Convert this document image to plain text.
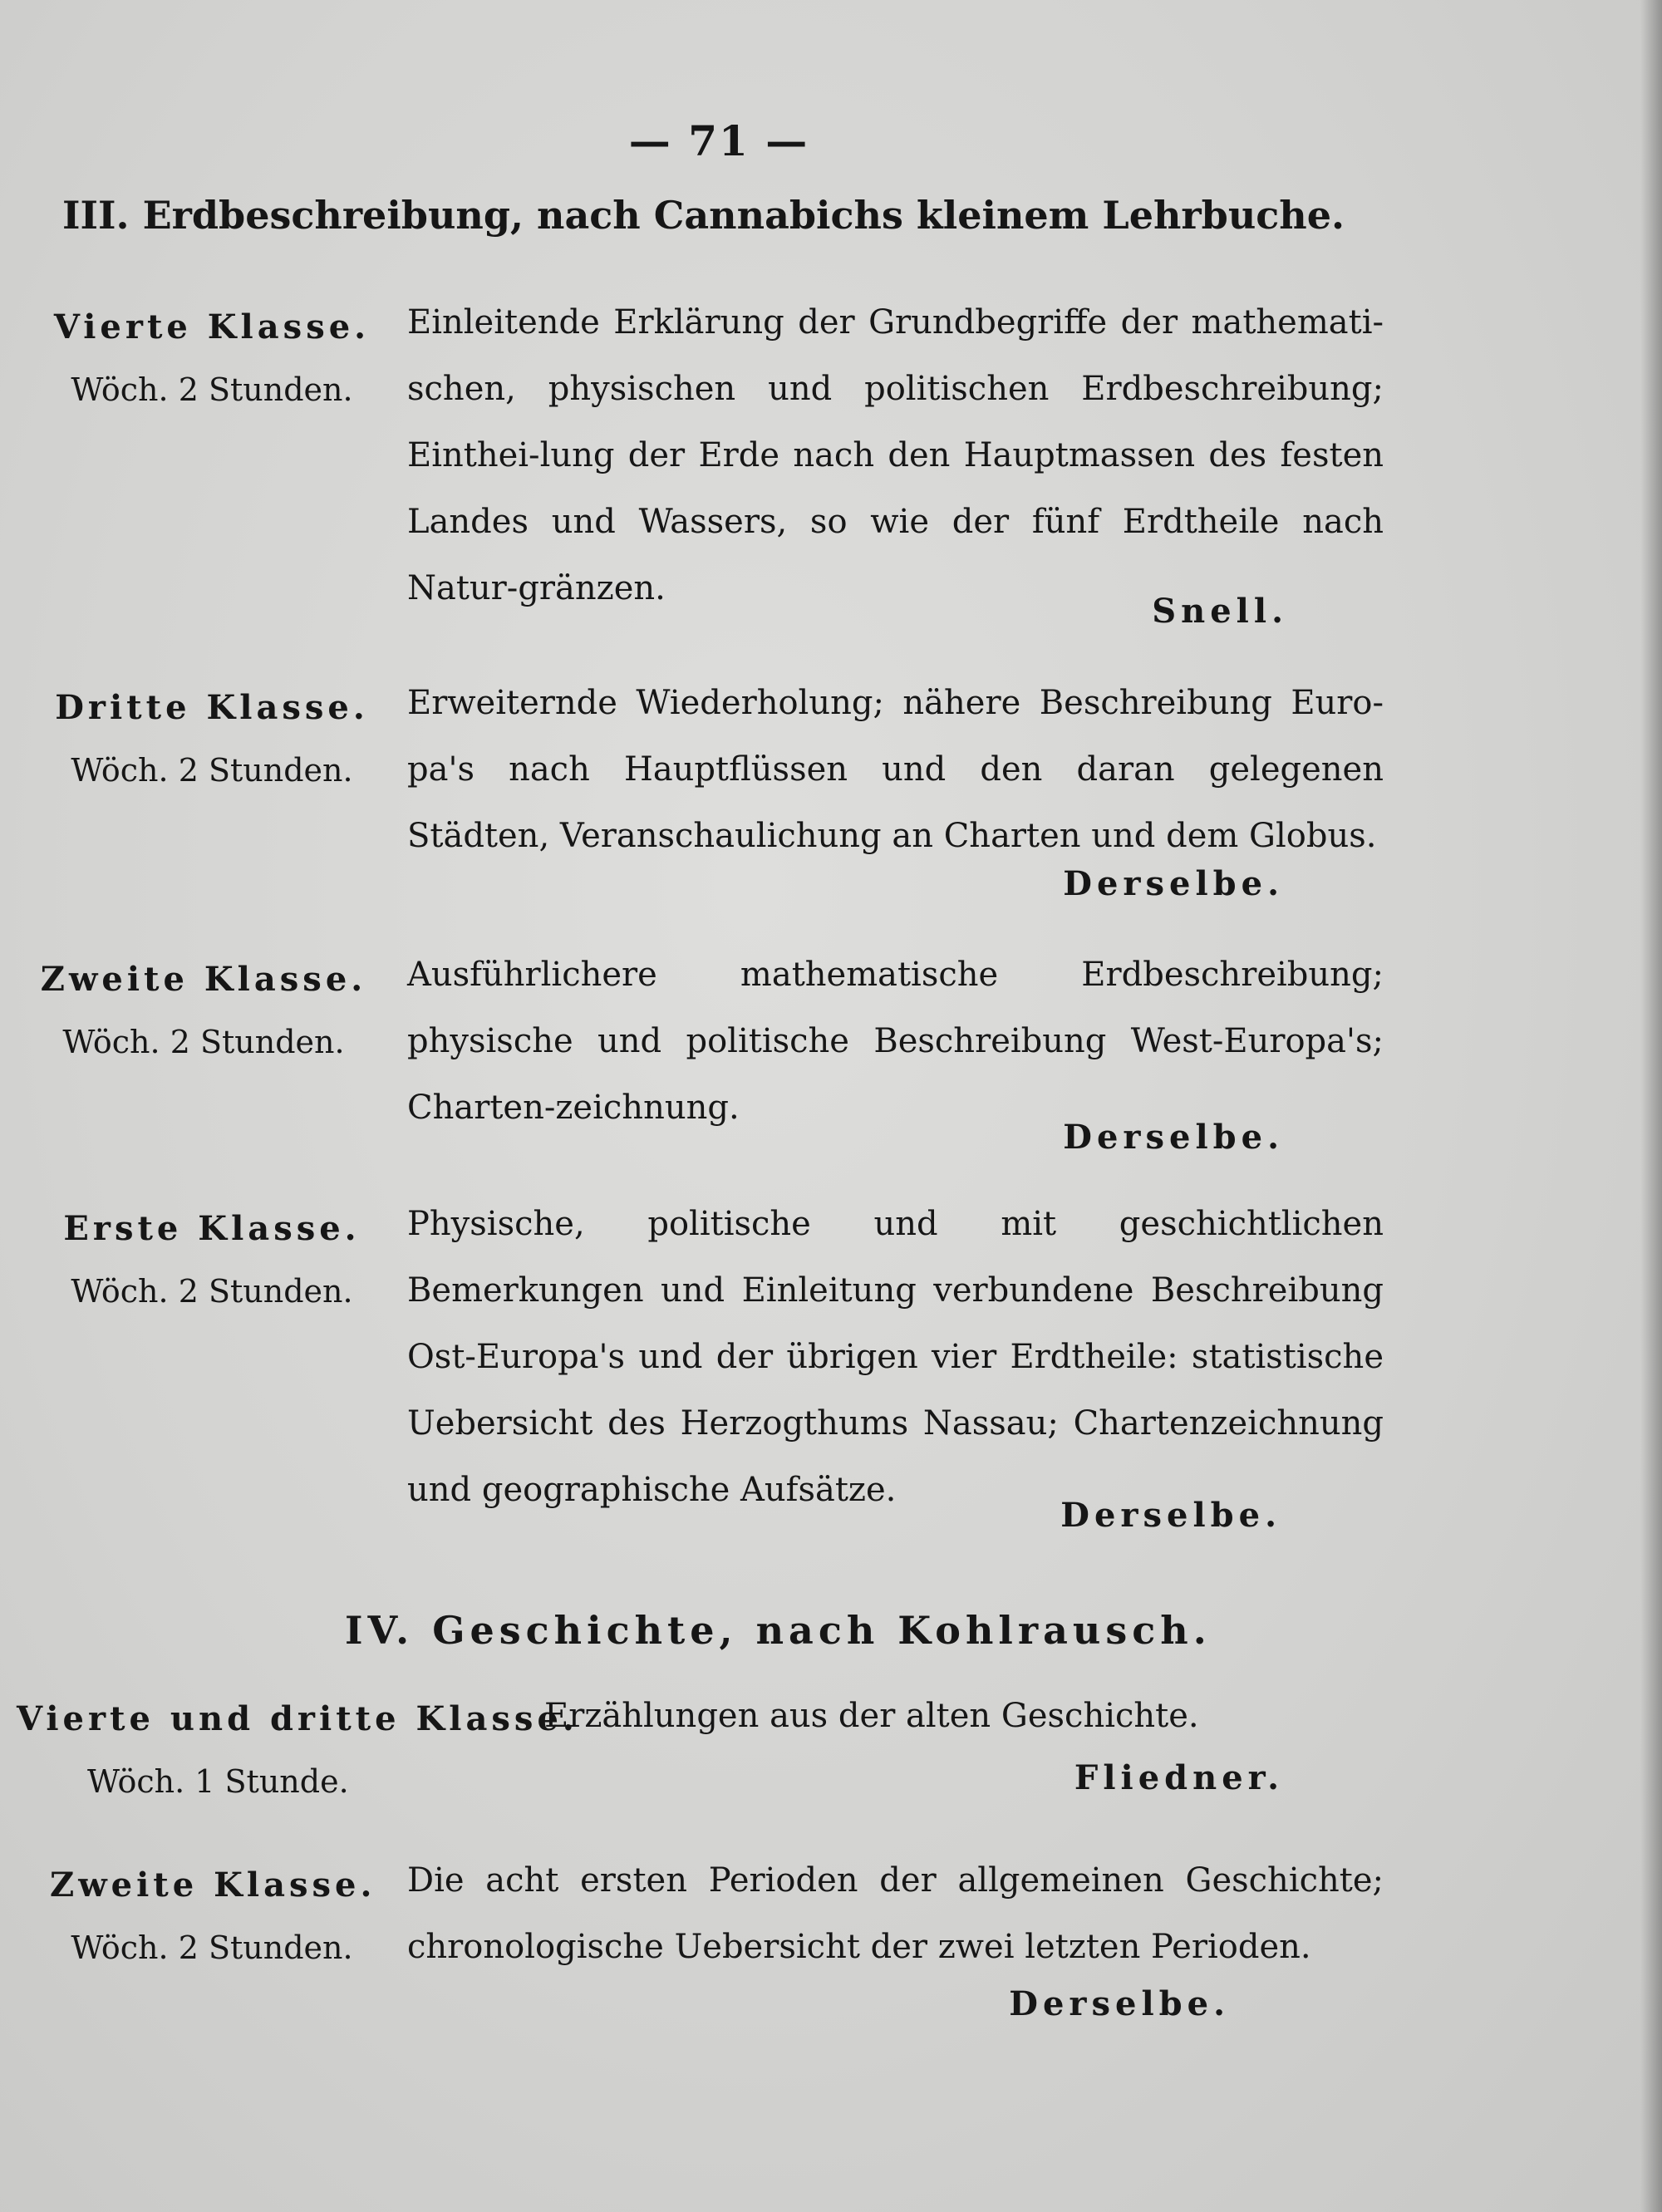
— 71 —
III. Erdbeschreibung, nach Cannabichs kleinem Lehrbuche.
Vierte Klasse.
Wöch. 2 Stunden.
Einleitende Erklärung der Grundbegriffe der mathemati-schen, physischen und politischen Erdbeschreibung; Einthei-lung der Erde nach den Hauptmassen des festen Landes und Wassers, so wie der fünf Erdtheile nach Natur-gränzen.
Snell.
Dritte Klasse.
Wöch. 2 Stunden.
Erweiternde Wiederholung; nähere Beschreibung Euro-pa's nach Hauptflüssen und den daran gelegenen Städten, Veranschaulichung an Charten und dem Globus.
Derselbe.
Zweite Klasse.
Wöch. 2 Stunden.
Ausführlichere mathematische Erdbeschreibung; physische und politische Beschreibung West-Europa's; Charten-zeichnung.
Derselbe.
Erste Klasse.
Wöch. 2 Stunden.
Physische, politische und mit geschichtlichen Bemerkungen und Einleitung verbundene Beschreibung Ost-Europa's und der übrigen vier Erdtheile: statistische Uebersicht des Herzogthums Nassau; Chartenzeichnung und geographische Aufsätze.
Derselbe.
IV. Geschichte, nach Kohlrausch.
Vierte und dritte Klasse.
Wöch. 1 Stunde.
Erzählungen aus der alten Geschichte.
Fliedner.
Zweite Klasse.
Wöch. 2 Stunden.
Die acht ersten Perioden der allgemeinen Geschichte; chronologische Uebersicht der zwei letzten Perioden.
Derselbe.
